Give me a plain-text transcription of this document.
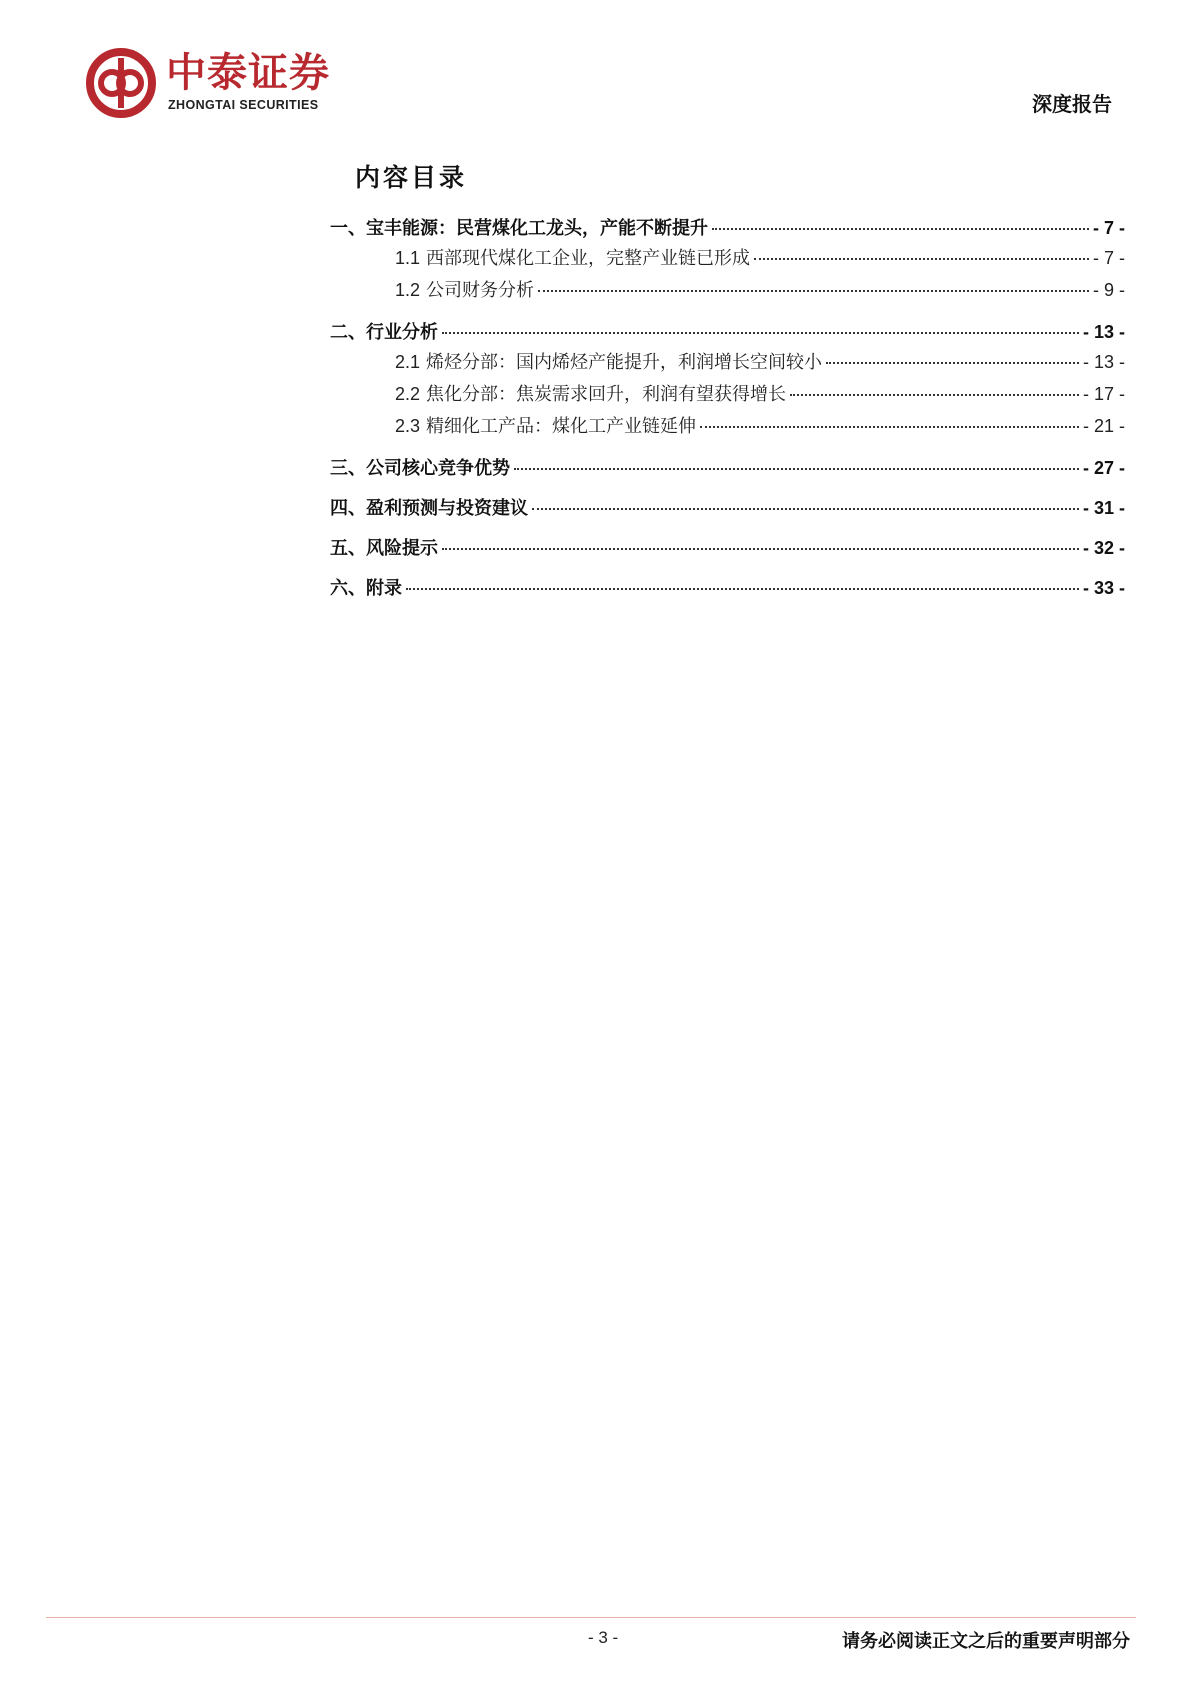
中泰证券
ZHONGTAI SECURITIES	深度报告
内容目录
一、宝丰能源：民营煤化工龙头，产能不断提升	- 7 -
1.1 西部现代煤化工企业，完整产业链已形成	- 7 -
1.2 公司财务分析	- 9 -
二、行业分析	- 13 -
2.1 烯烃分部：国内烯烃产能提升，利润增长空间较小	- 13 -
2.2 焦化分部：焦炭需求回升，利润有望获得增长	- 17 -
2.3 精细化工产品：煤化工产业链延伸	- 21 -
三、公司核心竞争优势	- 27 -
四、盈利预测与投资建议	- 31 -
五、风险提示	- 32 -
六、附录	- 33 -
- 3 -	请务必阅读正文之后的重要声明部分
